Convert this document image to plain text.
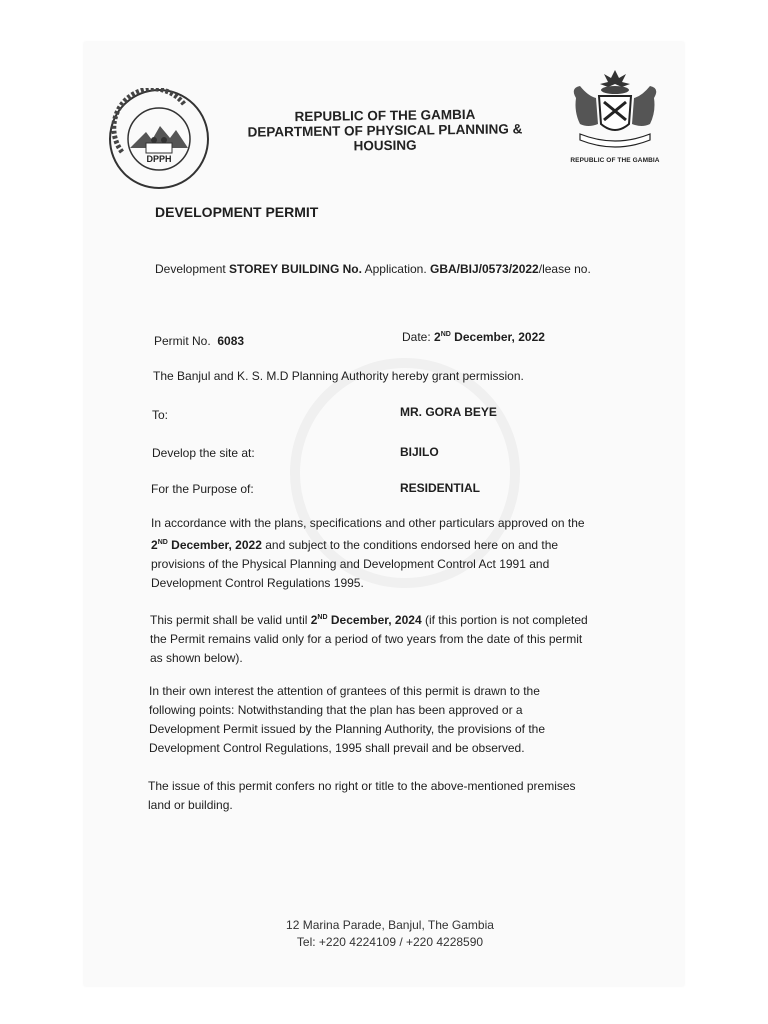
DPPH	REPUBLIC OF THE GAMBIA
REPUBLIC OF THE GAMBIA
DEPARTMENT OF PHYSICAL PLANNING & HOUSING
DEVELOPMENT PERMIT
Development STOREY BUILDING No. Application. GBA/BIJ/0573/2022/lease no.
Permit No. 6083	Date: 2ND December, 2022
The Banjul and K. S. M.D Planning Authority hereby grant permission.
To:	MR. GORA BEYE
Develop the site at:	BIJILO
For the Purpose of:	RESIDENTIAL
In accordance with the plans, specifications and other particulars approved on the
2ND December, 2022 and subject to the conditions endorsed here on and the
provisions of the Physical Planning and Development Control Act 1991 and
Development Control Regulations 1995.
This permit shall be valid until 2ND December, 2024 (if this portion is not completed
the Permit remains valid only for a period of two years from the date of this permit
as shown below).
In their own interest the attention of grantees of this permit is drawn to the
following points: Notwithstanding that the plan has been approved or a
Development Permit issued by the Planning Authority, the provisions of the
Development Control Regulations, 1995 shall prevail and be observed.
The issue of this permit confers no right or title to the above-mentioned premises
land or building.
12 Marina Parade, Banjul, The Gambia
Tel: +220 4224109 / +220 4228590
